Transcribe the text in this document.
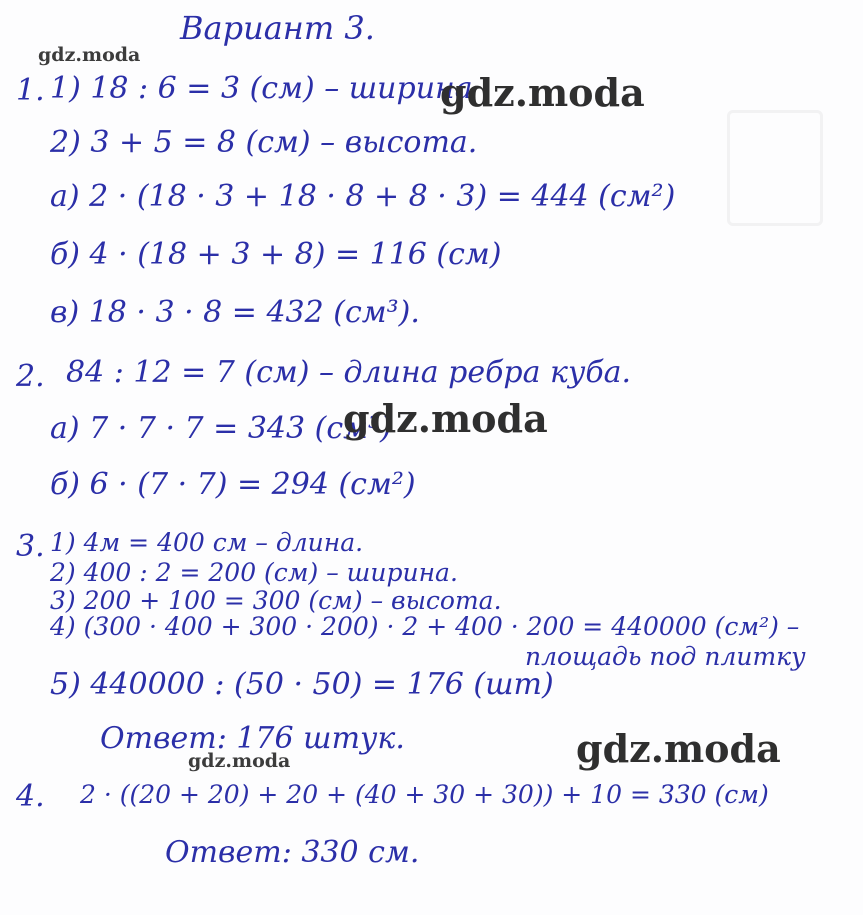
Вариант 3.
1. 1) 18 : 6 = 3 (см) – ширина
2) 3 + 5 = 8 (см) – высота.
а) 2 · (18 · 3 + 18 · 8 + 8 · 3) = 444 (см²)
б) 4 · (18 + 3 + 8) = 116 (см)
в) 18 · 3 · 8 = 432 (см³).
2. 84 : 12 = 7 (см) – длина ребра куба.
а) 7 · 7 · 7 = 343 (см³)
б) 6 · (7 · 7) = 294 (см²)
3. 1) 4м = 400 см – длина.
2) 400 : 2 = 200 (см) – ширина.
3) 200 + 100 = 300 (см) – высота.
4) (300 · 400 + 300 · 200) · 2 + 400 · 200 = 440000 (см²) –
площадь под плитку
5) 440000 : (50 · 50) = 176 (шт)
Ответ: 176 штук.
4. 2 · ((20 + 20) + 20 + (40 + 30 + 30)) + 10 = 330 (см)
Ответ: 330 см.
gdz.moda
gdz.moda
gdz.moda
gdz.moda
gdz.moda
